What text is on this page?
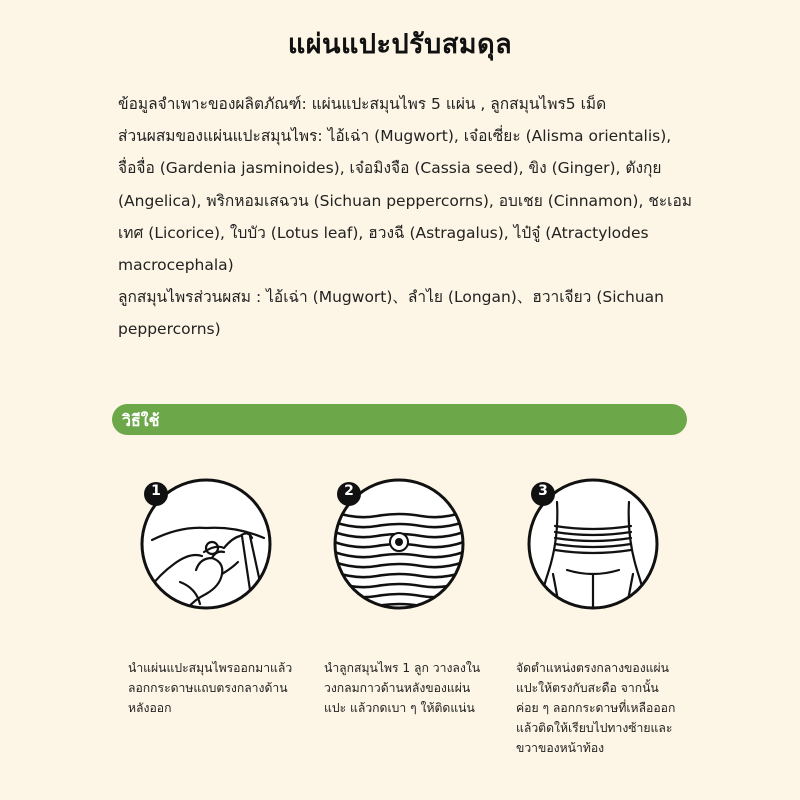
แผ่นแปะปรับสมดุล

ข้อมูลจำเพาะของผลิตภัณฑ์: แผ่นแปะสมุนไพร 5 แผ่น , ลูกสมุนไพร5 เม็ด

ส่วนผสมของแผ่นแปะสมุนไพร: ไอ้เฉ่า (Mugwort), เจ๋อเซี่ยะ (Alisma orientalis), จื่อจื่อ (Gardenia jasminoides), เจ๋อมิงจือ (Cassia seed), ขิง (Ginger), ตังกุย (Angelica), พริกหอมเสฉวน (Sichuan peppercorns), อบเชย (Cinnamon), ชะเอมเทศ (Licorice), ใบบัว (Lotus leaf), ฮวงฉี (Astragalus), ไป๋จู๋ (Atractylodes macrocephala)

ลูกสมุนไพรส่วนผสม : ไอ้เฉ่า (Mugwort)、ลำไย (Longan)、ฮวาเจียว (Sichuan peppercorns)

วิธีใช้
1	2	3

นำแผ่นแปะสมุนไพรออกมาแล้วลอกกระดาษแถบตรงกลางด้านหลังออก

นำลูกสมุนไพร 1 ลูก วางลงในวงกลมกาวด้านหลังของแผ่นแปะ แล้วกดเบา ๆ ให้ติดแน่น

จัดตำแหน่งตรงกลางของแผ่นแปะให้ตรงกับสะดือ จากนั้นค่อย ๆ ลอกกระดาษที่เหลือออกแล้วติดให้เรียบไปทางซ้ายและขวาของหน้าท้อง
